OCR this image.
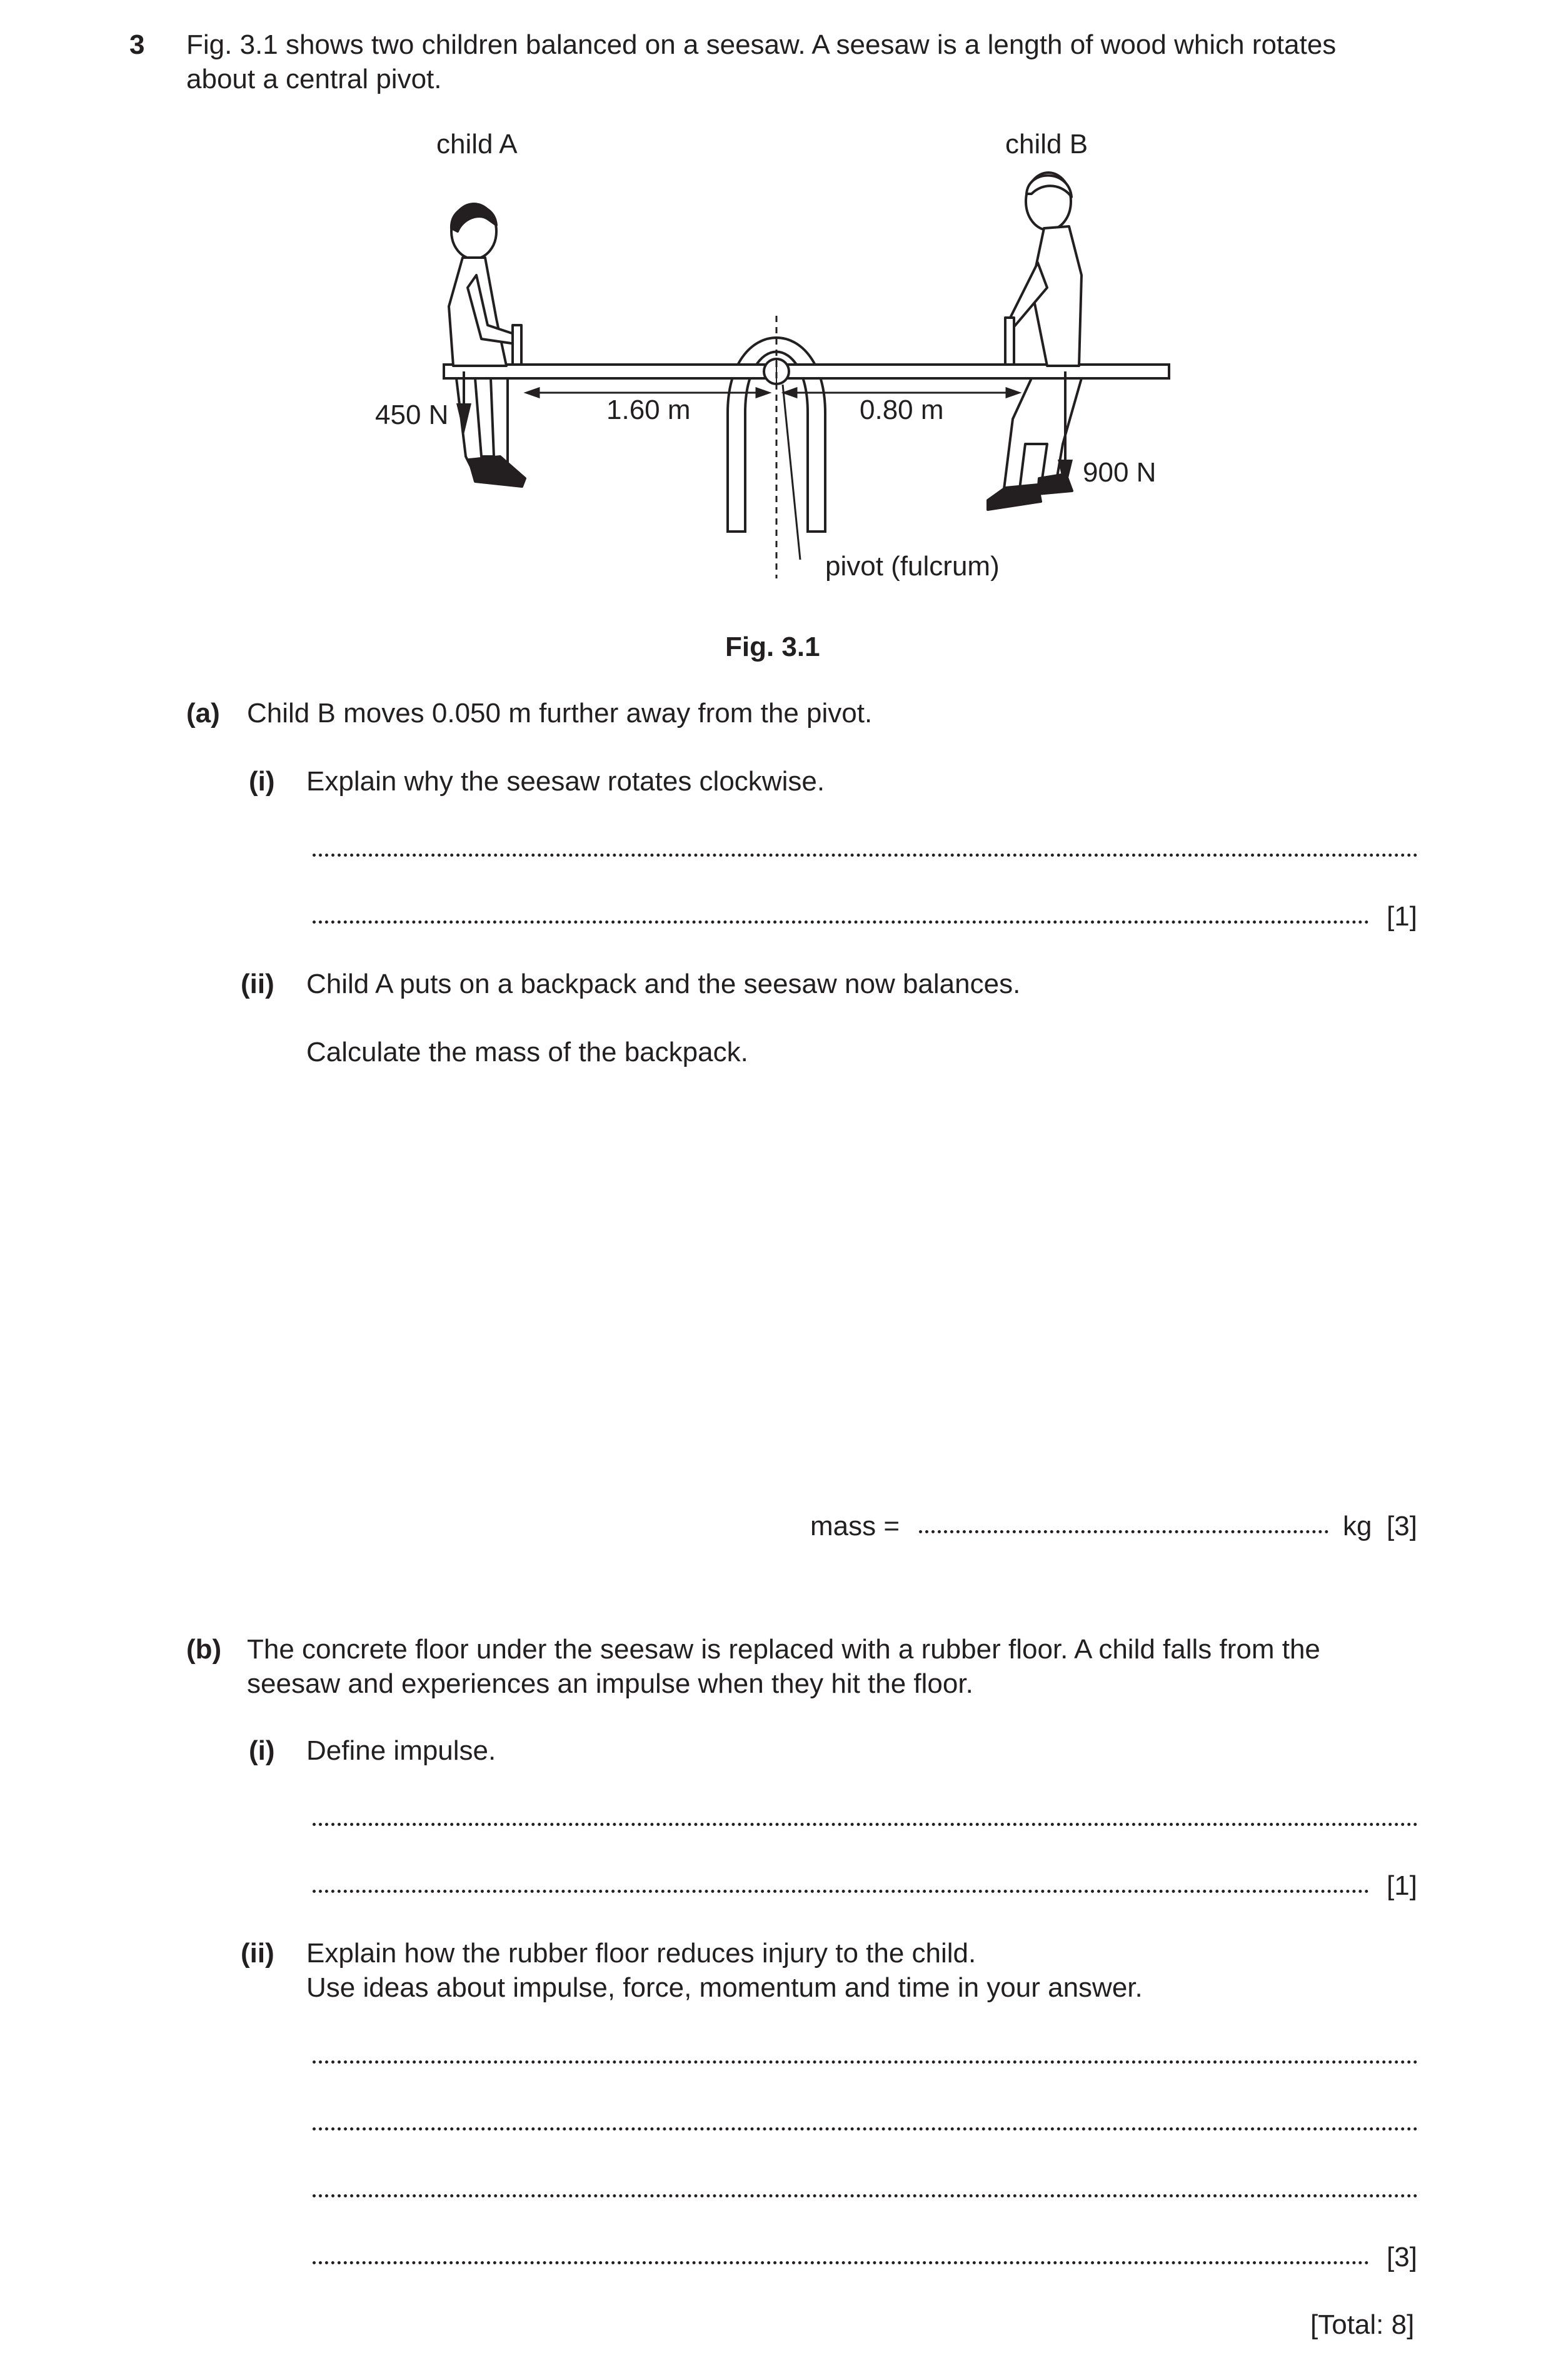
3 Fig. 3.1 shows two children balanced on a seesaw. A seesaw is a length of wood which rotates
about a central pivot.
child A	child B
pivot (fulcrum)
450 N
900 N
1.60 m	0.80 m
Fig. 3.1
(a) Child B moves 0.050 m further away from the pivot.
(i) Explain why the seesaw rotates clockwise.
[1]
(ii) Child A puts on a backpack and the seesaw now balances.
Calculate the mass of the backpack.
mass =	kg [3]
(b) The concrete floor under the seesaw is replaced with a rubber floor. A child falls from the
seesaw and experiences an impulse when they hit the floor.
(i) Define impulse.
[1]
(ii) Explain how the rubber floor reduces injury to the child.
Use ideas about impulse, force, momentum and time in your answer.
[3]
[Total: 8]
